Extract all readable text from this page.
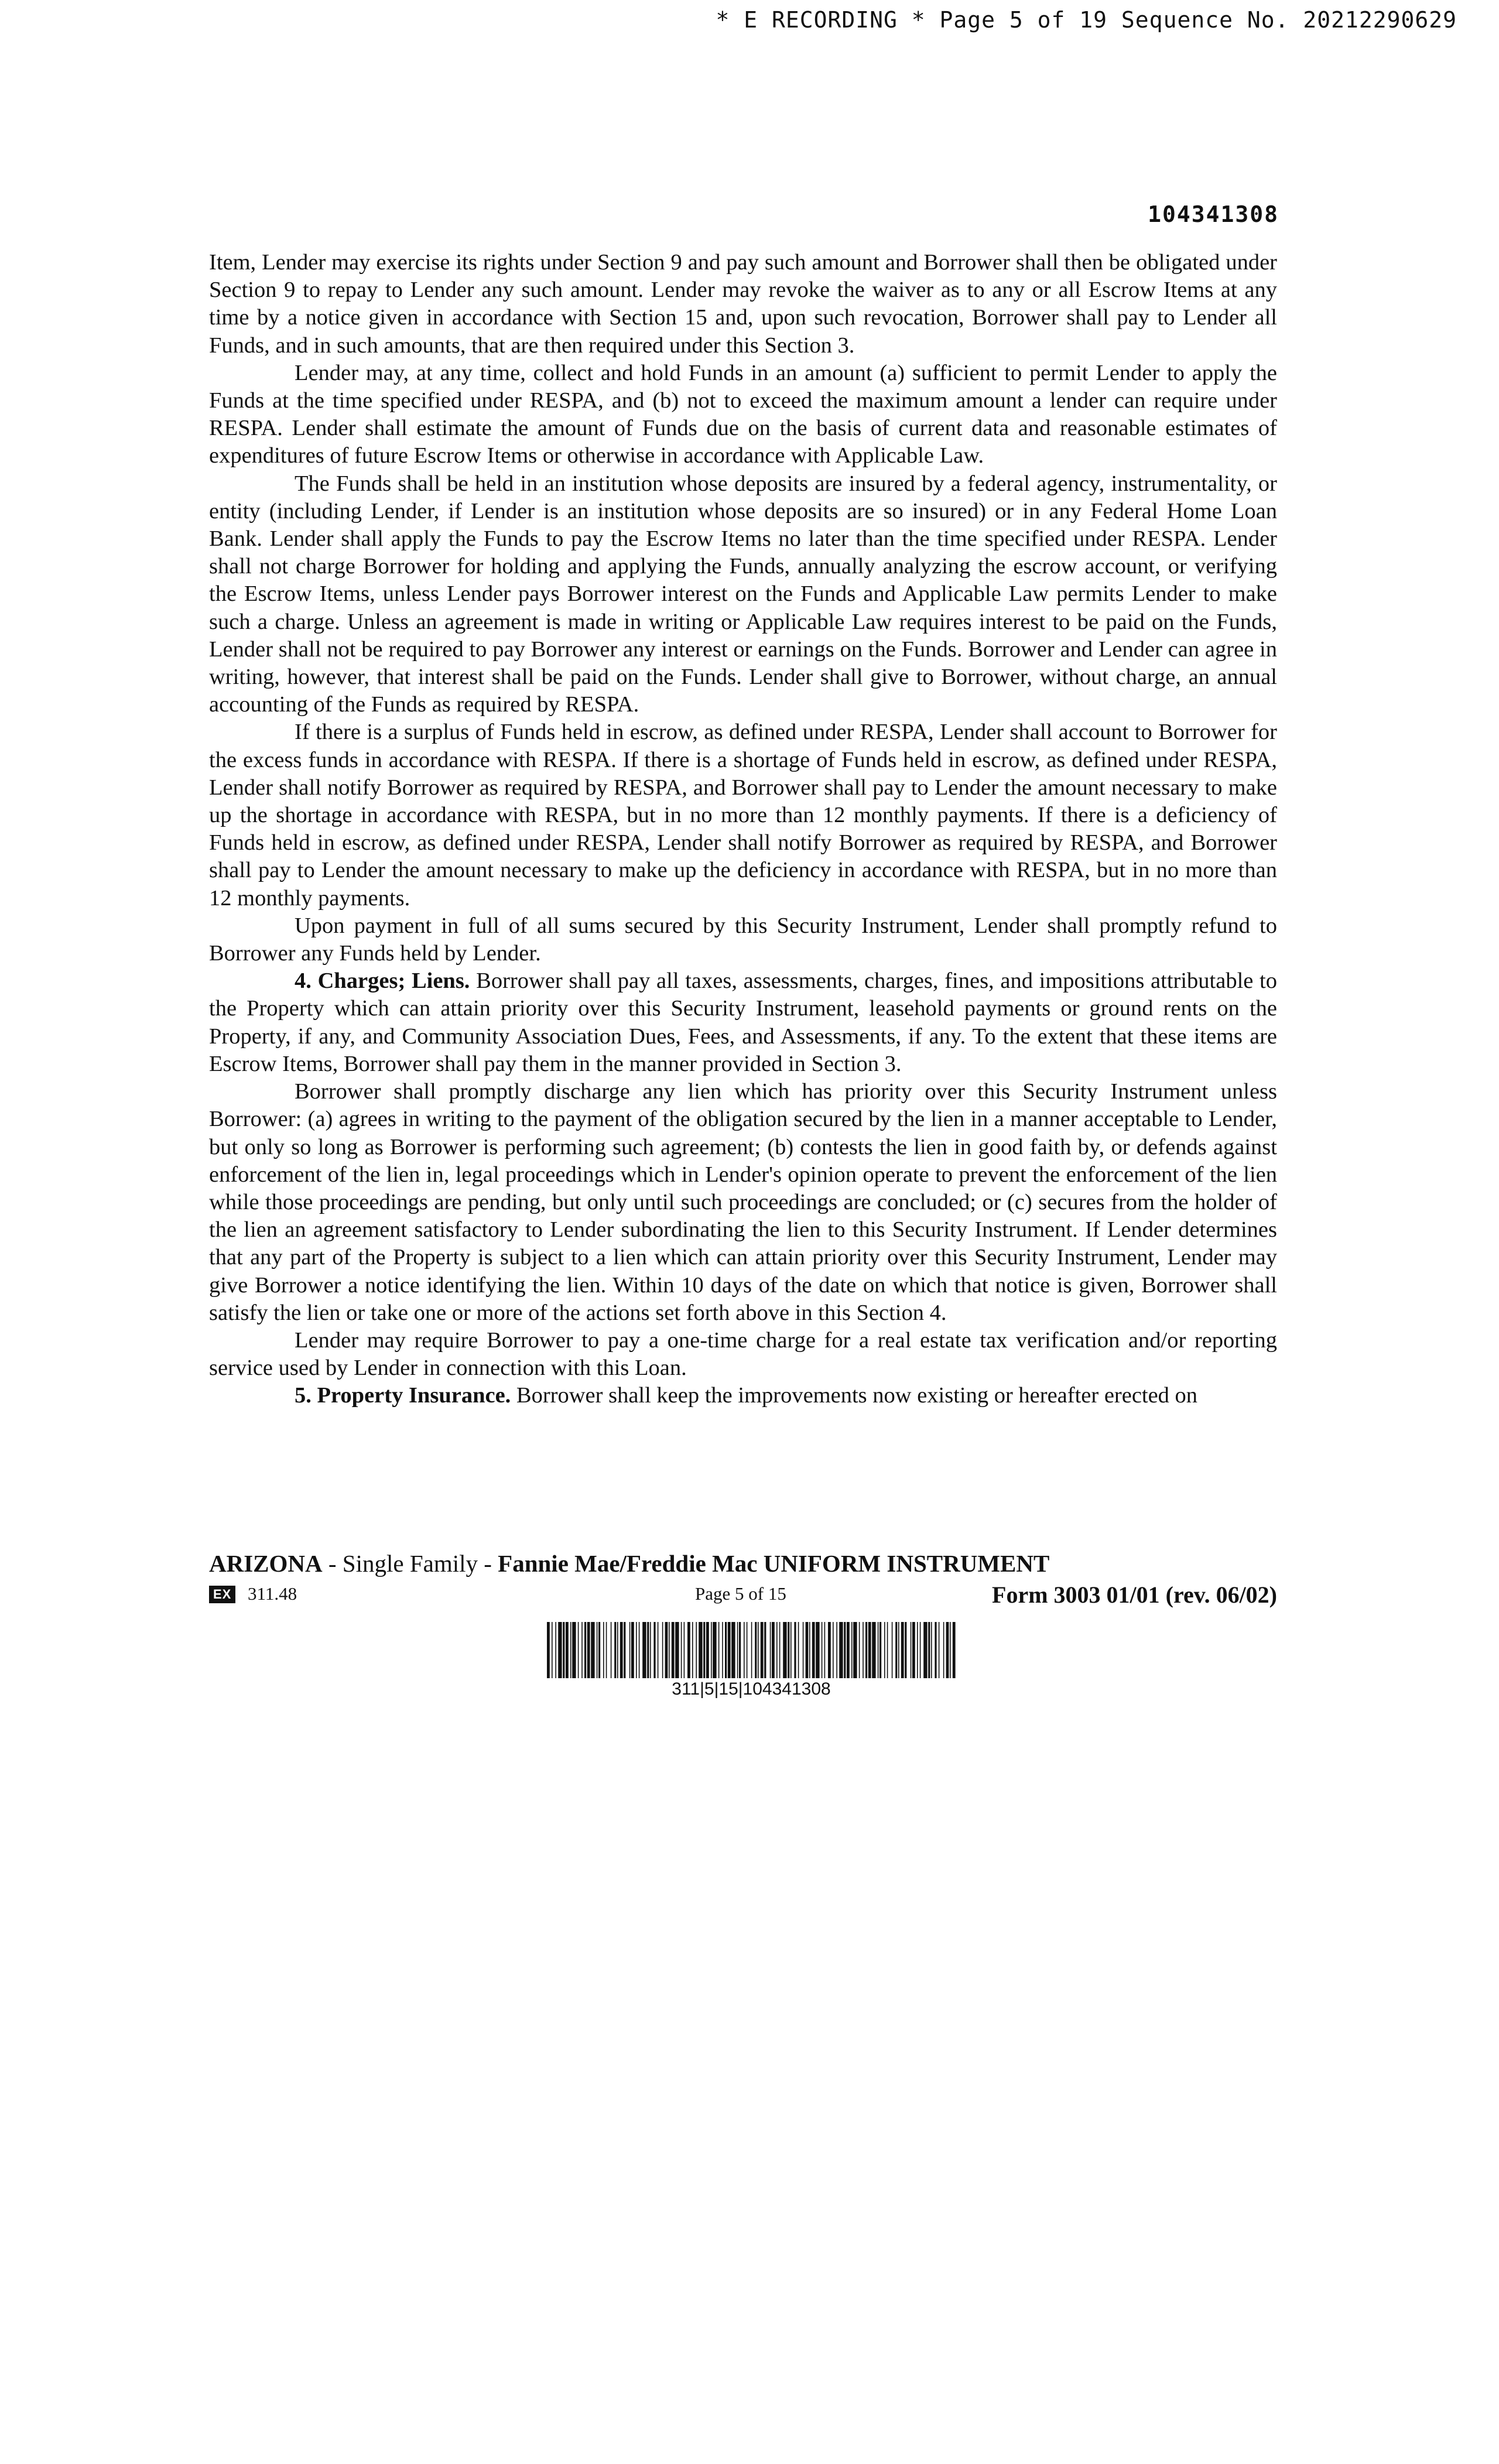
* E RECORDING * Page 5 of 19 Sequence No. 20212290629
104341308

Item, Lender may exercise its rights under Section 9 and pay such amount and Borrower shall then be obligated under Section 9 to repay to Lender any such amount. Lender may revoke the waiver as to any or all Escrow Items at any time by a notice given in accordance with Section 15 and, upon such revocation, Borrower shall pay to Lender all Funds, and in such amounts, that are then required under this Section 3.

Lender may, at any time, collect and hold Funds in an amount (a) sufficient to permit Lender to apply the Funds at the time specified under RESPA, and (b) not to exceed the maximum amount a lender can require under RESPA. Lender shall estimate the amount of Funds due on the basis of current data and reasonable estimates of expenditures of future Escrow Items or otherwise in accordance with Applicable Law.

The Funds shall be held in an institution whose deposits are insured by a federal agency, instrumentality, or entity (including Lender, if Lender is an institution whose deposits are so insured) or in any Federal Home Loan Bank. Lender shall apply the Funds to pay the Escrow Items no later than the time specified under RESPA. Lender shall not charge Borrower for holding and applying the Funds, annually analyzing the escrow account, or verifying the Escrow Items, unless Lender pays Borrower interest on the Funds and Applicable Law permits Lender to make such a charge. Unless an agreement is made in writing or Applicable Law requires interest to be paid on the Funds, Lender shall not be required to pay Borrower any interest or earnings on the Funds. Borrower and Lender can agree in writing, however, that interest shall be paid on the Funds. Lender shall give to Borrower, without charge, an annual accounting of the Funds as required by RESPA.

If there is a surplus of Funds held in escrow, as defined under RESPA, Lender shall account to Borrower for the excess funds in accordance with RESPA. If there is a shortage of Funds held in escrow, as defined under RESPA, Lender shall notify Borrower as required by RESPA, and Borrower shall pay to Lender the amount necessary to make up the shortage in accordance with RESPA, but in no more than 12 monthly payments. If there is a deficiency of Funds held in escrow, as defined under RESPA, Lender shall notify Borrower as required by RESPA, and Borrower shall pay to Lender the amount necessary to make up the deficiency in accordance with RESPA, but in no more than 12 monthly payments.

Upon payment in full of all sums secured by this Security Instrument, Lender shall promptly refund to Borrower any Funds held by Lender.

4. Charges; Liens. Borrower shall pay all taxes, assessments, charges, fines, and impositions attributable to the Property which can attain priority over this Security Instrument, leasehold payments or ground rents on the Property, if any, and Community Association Dues, Fees, and Assessments, if any. To the extent that these items are Escrow Items, Borrower shall pay them in the manner provided in Section 3.

Borrower shall promptly discharge any lien which has priority over this Security Instrument unless Borrower: (a) agrees in writing to the payment of the obligation secured by the lien in a manner acceptable to Lender, but only so long as Borrower is performing such agreement; (b) contests the lien in good faith by, or defends against enforcement of the lien in, legal proceedings which in Lender's opinion operate to prevent the enforcement of the lien while those proceedings are pending, but only until such proceedings are concluded; or (c) secures from the holder of the lien an agreement satisfactory to Lender subordinating the lien to this Security Instrument. If Lender determines that any part of the Property is subject to a lien which can attain priority over this Security Instrument, Lender may give Borrower a notice identifying the lien. Within 10 days of the date on which that notice is given, Borrower shall satisfy the lien or take one or more of the actions set forth above in this Section 4.

Lender may require Borrower to pay a one-time charge for a real estate tax verification and/or reporting service used by Lender in connection with this Loan.

5. Property Insurance. Borrower shall keep the improvements now existing or hereafter erected on

ARIZONA - Single Family - Fannie Mae/Freddie Mac UNIFORM INSTRUMENT
EX 311.48	Page 5 of 15	Form 3003 01/01 (rev. 06/02)
311|5|15|104341308
